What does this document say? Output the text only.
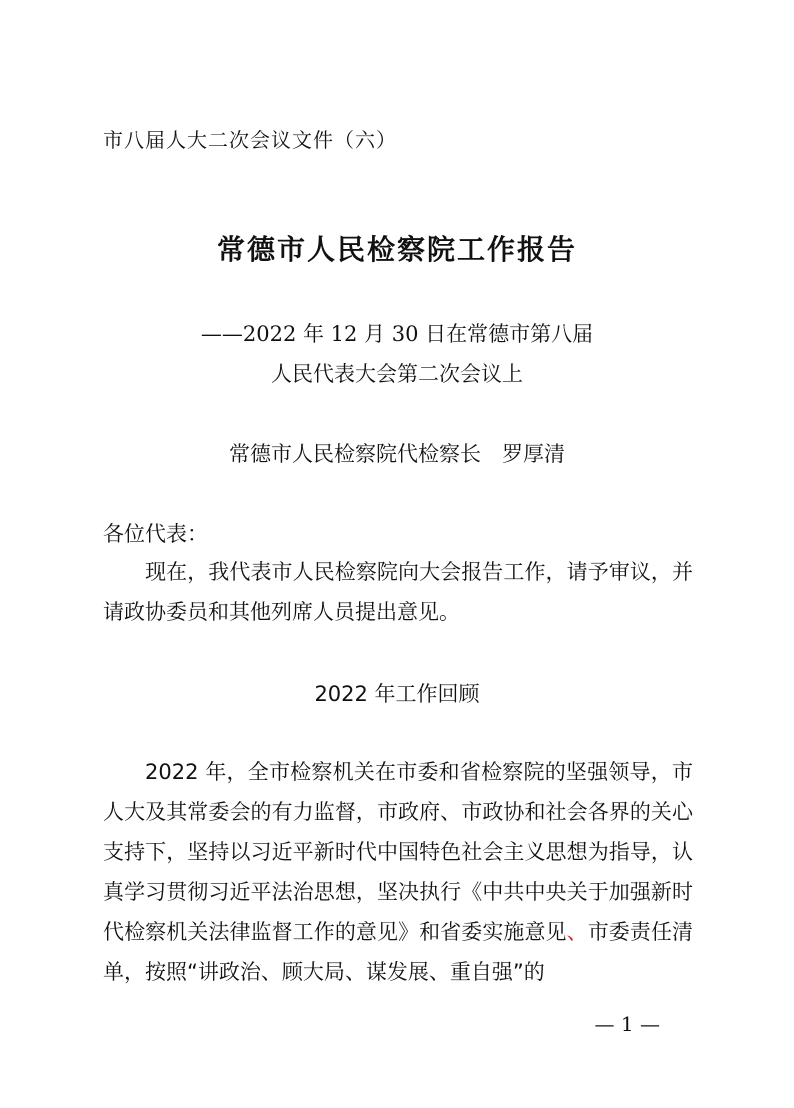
市八届人大二次会议文件（六）
常德市人民检察院工作报告
——2022 年 12 月 30 日在常德市第八届
人民代表大会第二次会议上
常德市人民检察院代检察长　罗厚清
各位代表：
现在，我代表市人民检察院向大会报告工作，请予审议，并请政协委员和其他列席人员提出意见。
2022 年工作回顾
2022 年，全市检察机关在市委和省检察院的坚强领导，市人大及其常委会的有力监督，市政府、市政协和社会各界的关心支持下，坚持以习近平新时代中国特色社会主义思想为指导，认真学习贯彻习近平法治思想，坚决执行《中共中央关于加强新时代检察机关法律监督工作的意见》和省委实施意见、市委责任清单，按照“讲政治、顾大局、谋发展、重自强”的
— 1 —
